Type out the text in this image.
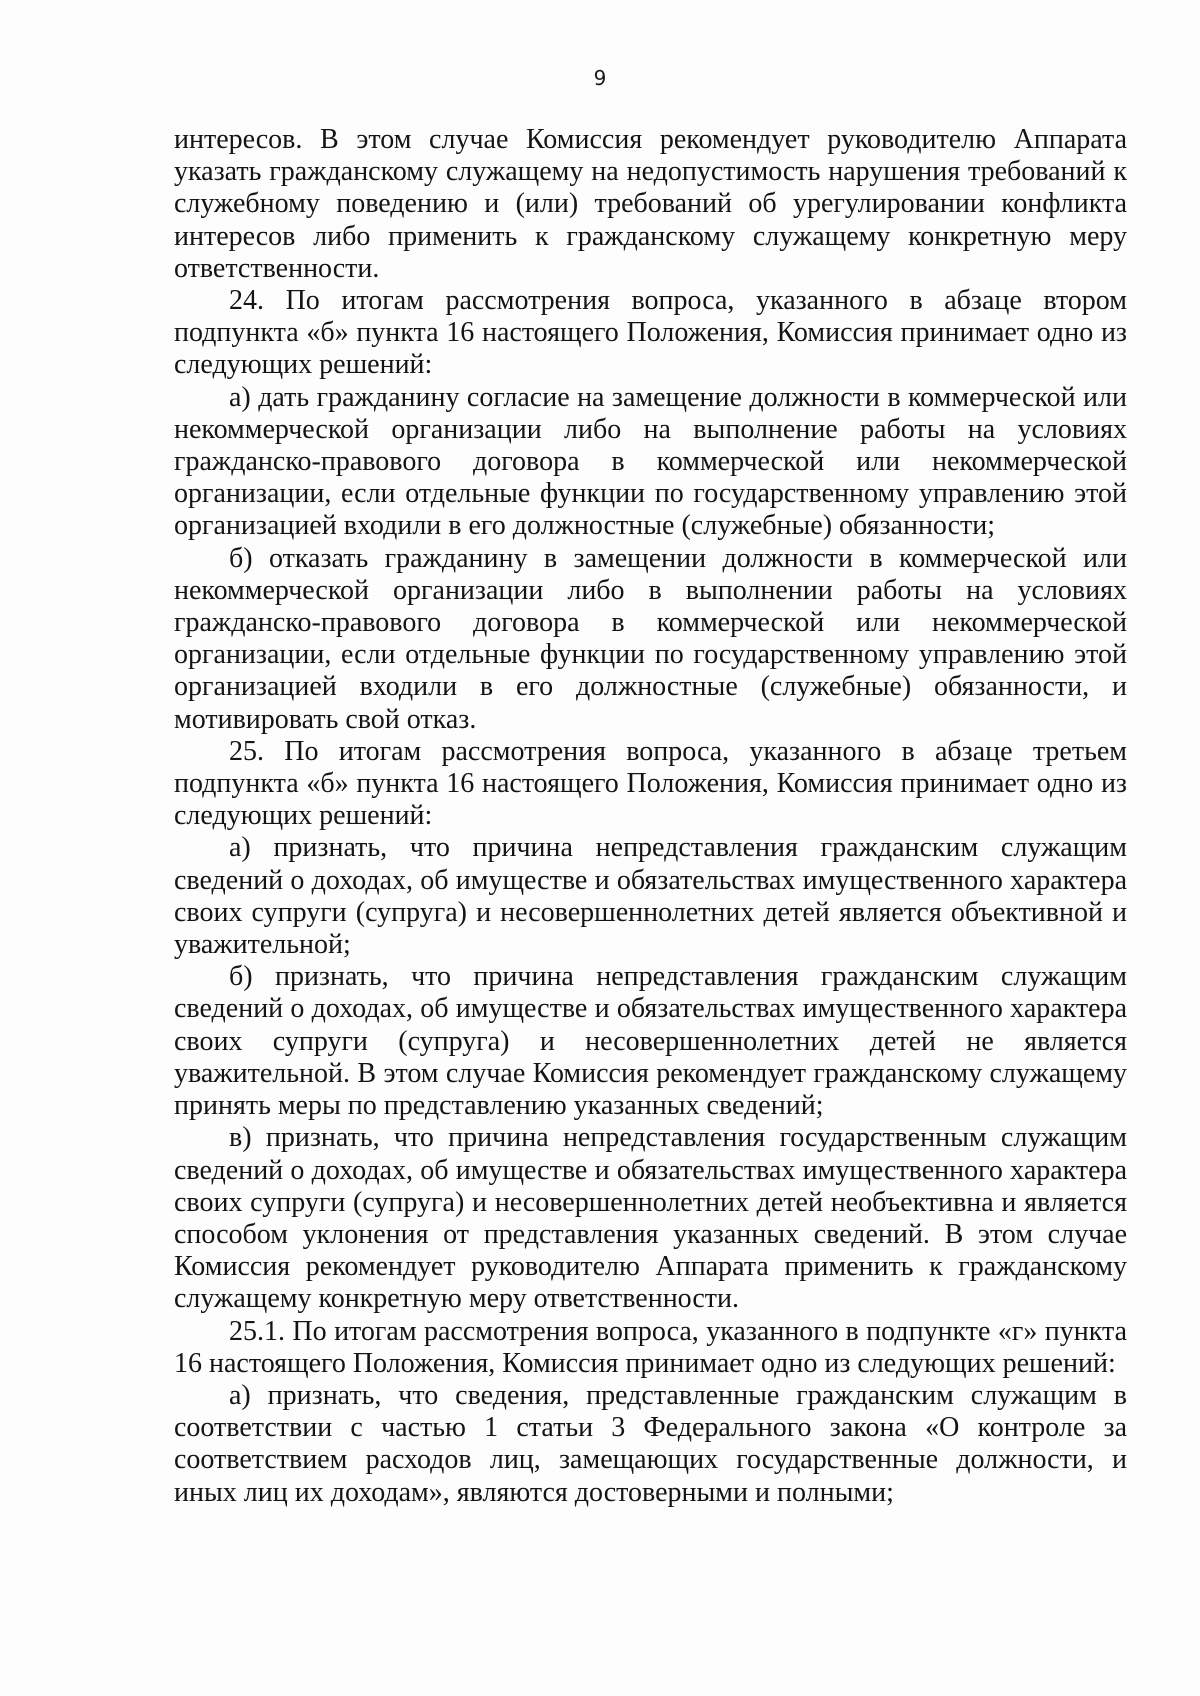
9

интересов. В этом случае Комиссия рекомендует руководителю Аппарата указать гражданскому служащему на недопустимость нарушения требований к служебному поведению и (или) требований об урегулировании конфликта интересов либо применить к гражданскому служащему конкретную меру ответственности.

24. По итогам рассмотрения вопроса, указанного в абзаце втором подпункта «б» пункта 16 настоящего Положения, Комиссия принимает одно из следующих решений:

а) дать гражданину согласие на замещение должности в коммерческой или некоммерческой организации либо на выполнение работы на условиях гражданско-правового договора в коммерческой или некоммерческой организации, если отдельные функции по государственному управлению этой организацией входили в его должностные (служебные) обязанности;

б) отказать гражданину в замещении должности в коммерческой или некоммерческой организации либо в выполнении работы на условиях гражданско-правового договора в коммерческой или некоммерческой организации, если отдельные функции по государственному управлению этой организацией входили в его должностные (служебные) обязанности, и мотивировать свой отказ.

25. По итогам рассмотрения вопроса, указанного в абзаце третьем подпункта «б» пункта 16 настоящего Положения, Комиссия принимает одно из следующих решений:

а) признать, что причина непредставления гражданским служащим сведений о доходах, об имуществе и обязательствах имущественного характера своих супруги (супруга) и несовершеннолетних детей является объективной и уважительной;

б) признать, что причина непредставления гражданским служащим сведений о доходах, об имуществе и обязательствах имущественного характера своих супруги (супруга) и несовершеннолетних детей не является уважительной. В этом случае Комиссия рекомендует гражданскому служащему принять меры по представлению указанных сведений;

в) признать, что причина непредставления государственным служащим сведений о доходах, об имуществе и обязательствах имущественного характера своих супруги (супруга) и несовершеннолетних детей необъективна и является способом уклонения от представления указанных сведений. В этом случае Комиссия рекомендует руководителю Аппарата применить к гражданскому служащему конкретную меру ответственности.

25.1. По итогам рассмотрения вопроса, указанного в подпункте «г» пункта 16 настоящего Положения, Комиссия принимает одно из следующих решений:

а) признать, что сведения, представленные гражданским служащим в соответствии с частью 1 статьи 3 Федерального закона «О контроле за соответствием расходов лиц, замещающих государственные должности, и иных лиц их доходам», являются достоверными и полными;
